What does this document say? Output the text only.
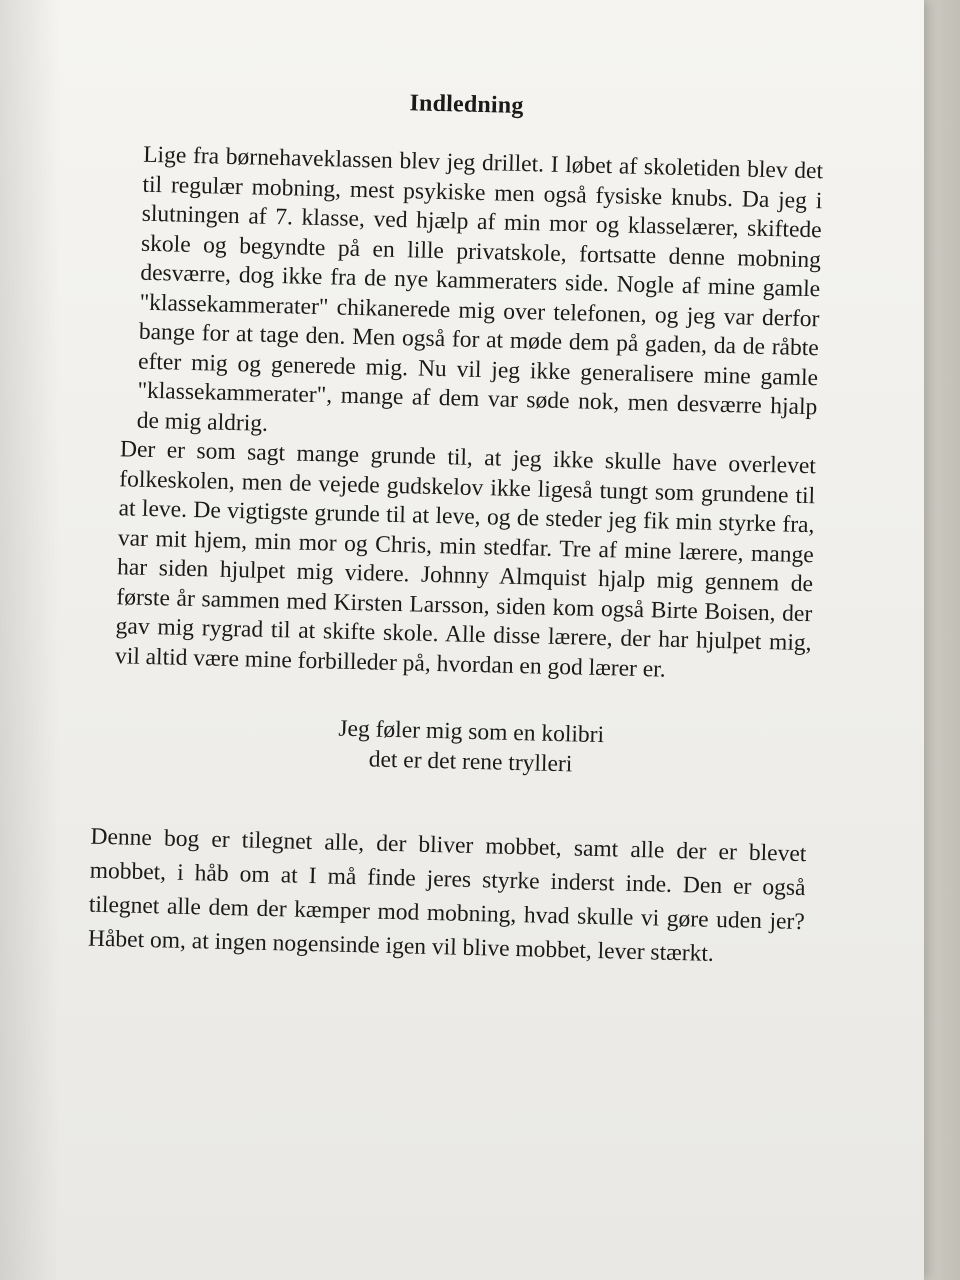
Indledning

Lige fra børnehaveklassen blev jeg drillet. I løbet af skoletiden blev det til regulær mobning, mest psykiske men også fysiske knubs. Da jeg i slutningen af 7. klasse, ved hjælp af min mor og klasselærer, skiftede skole og begyndte på en lille privatskole, fortsatte denne mobning desværre, dog ikke fra de nye kammeraters side. Nogle af mine gamle "klassekammerater" chikanerede mig over telefonen, og jeg var derfor bange for at tage den. Men også for at møde dem på gaden, da de råbte efter mig og generede mig. Nu vil jeg ikke generalisere mine gamle "klassekammerater", mange af dem var søde nok, men desværre hjalp de mig aldrig.

Der er som sagt mange grunde til, at jeg ikke skulle have overlevet folkeskolen, men de vejede gudskelov ikke ligeså tungt som grundene til at leve. De vigtigste grunde til at leve, og de steder jeg fik min styrke fra, var mit hjem, min mor og Chris, min stedfar. Tre af mine lærere, mange har siden hjulpet mig videre. Johnny Almquist hjalp mig gennem de første år sammen med Kirsten Larsson, siden kom også Birte Boisen, der gav mig rygrad til at skifte skole. Alle disse lærere, der har hjulpet mig, vil altid være mine forbilleder på, hvordan en god lærer er.

Jeg føler mig som en kolibri
det er det rene trylleri

Denne bog er tilegnet alle, der bliver mobbet, samt alle der er blevet mobbet, i håb om at I må finde jeres styrke inderst inde. Den er også tilegnet alle dem der kæmper mod mobning, hvad skulle vi gøre uden jer? Håbet om, at ingen nogensinde igen vil blive mobbet, lever stærkt.
